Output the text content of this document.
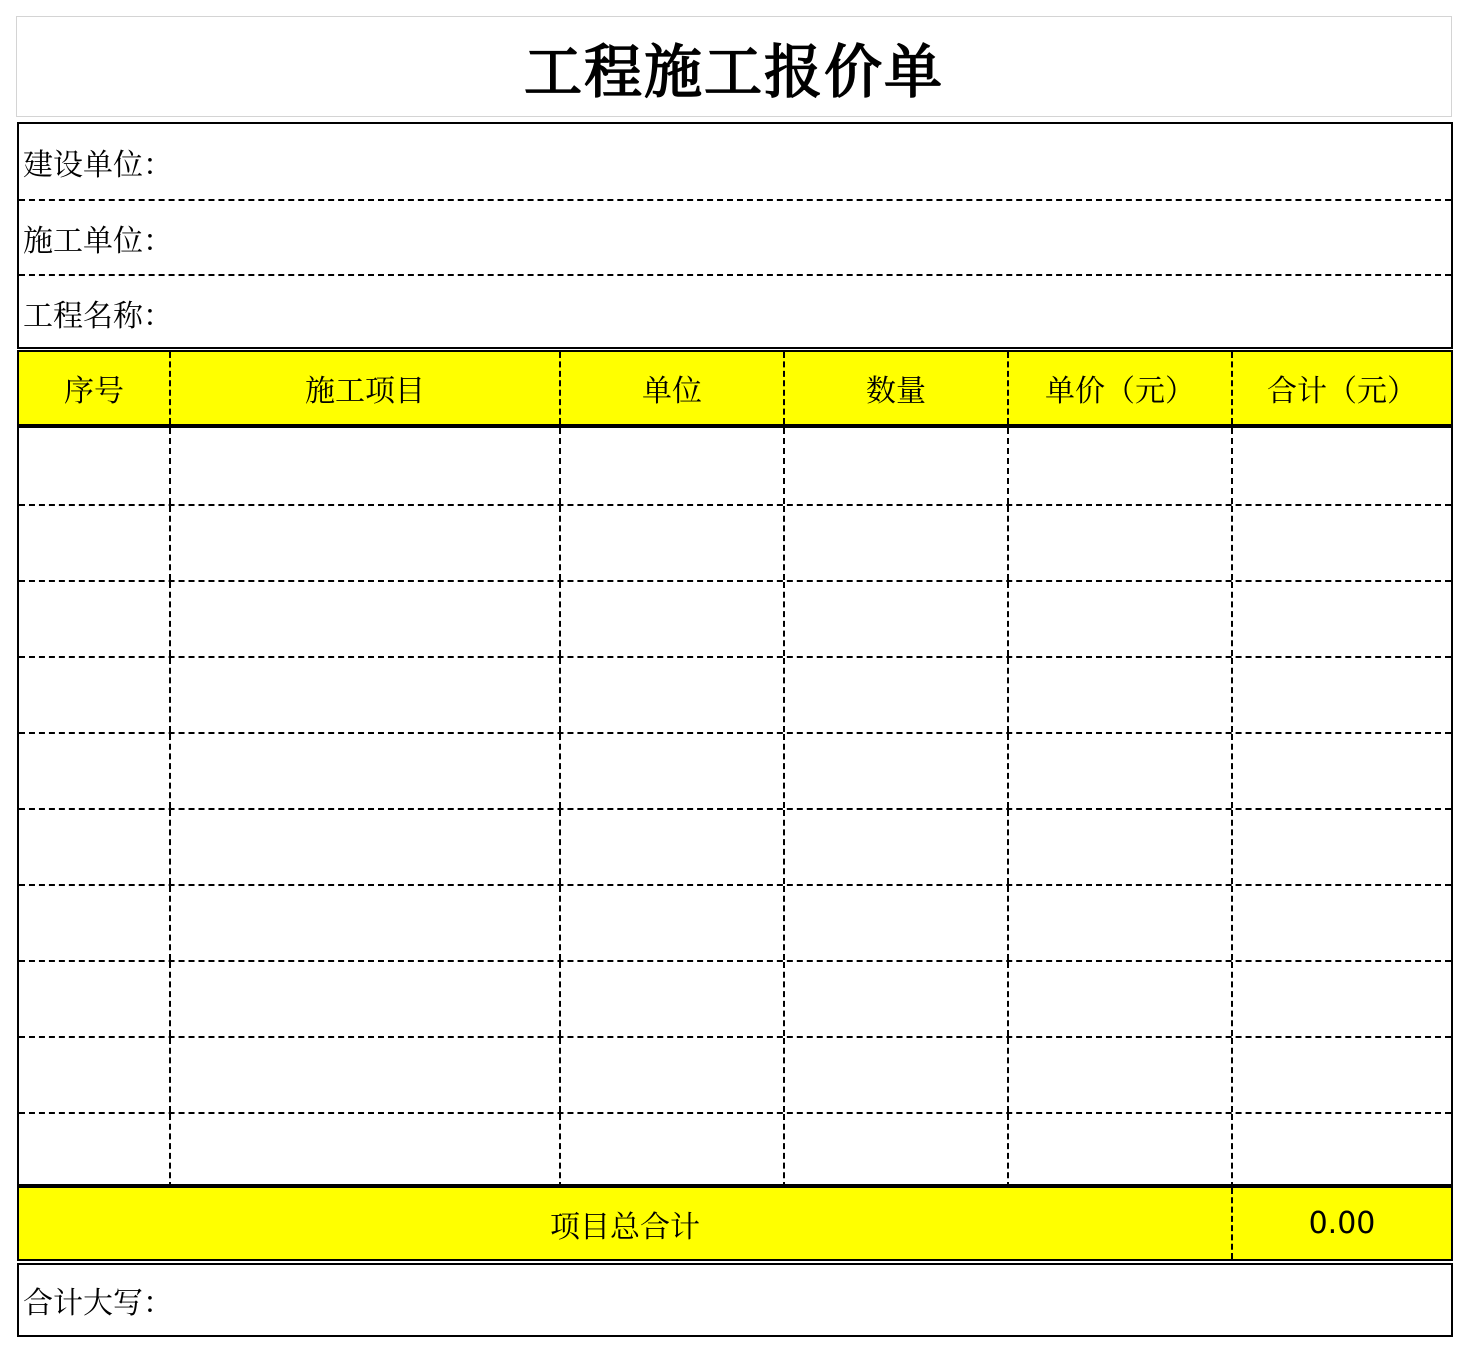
工程施工报价单
建设单位：
施工单位：
工程名称：
序号	施工项目	单位	数量	单价（元）	合计（元）
项目总合计	0.00
合计大写：
